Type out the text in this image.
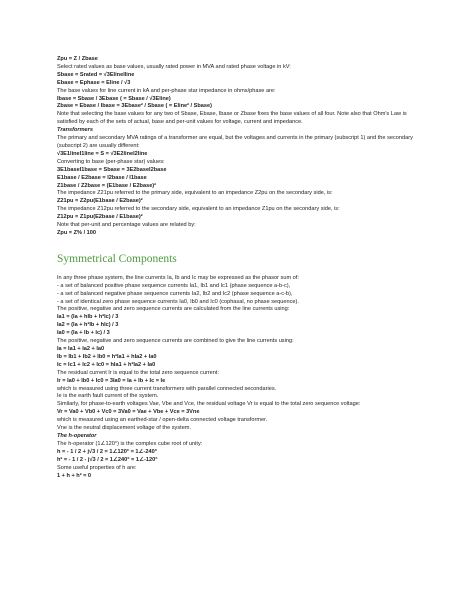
Zpu = Z / Zbase
Select rated values as base values, usually rated power in MVA and rated phase voltage in kV:
Sbase = Srated = √3ElineIline
Ebase = Ephase = Eline / √3
The base values for line current in kA and per-phase star impedance in ohms/phase are:
Ibase = Sbase / 3Ebase ( = Sbase / √3Eline)
Zbase = Ebase / Ibase = 3Ebase² / Sbase ( = Eline² / Sbase)
Note that selecting the base values for any two of Sbase, Ebase, Ibase or Zbase fixes the base values of all four. Note also that Ohm's Law is satisfied by each of the sets of actual, base and per-unit values for voltage, current and impedance.
Transformers
The primary and secondary MVA ratings of a transformer are equal, but the voltages and currents in the primary (subscript 1) and the secondary (subscript 2) are usually different:
√3E1lineI1line = S = √3E2lineI2line
Converting to base (per-phase star) values:
3E1baseI1base = Sbase = 3E2baseI2base
E1base / E2base = I2base / I1base
Z1base / Z2base = (E1base / E2base)²
The impedance Z21pu referred to the primary side, equivalent to an impedance Z2pu on the secondary side, is:
Z21pu = Z2pu(E1base / E2base)²
The impedance Z12pu referred to the secondary side, equivalent to an impedance Z1pu on the secondary side, is:
Z12pu = Z1pu(E2base / E1base)²
Note that per-unit and percentage values are related by:
Zpu = Z% / 100
Symmetrical Components
In any three phase system, the line currents Ia, Ib and Ic may be expressed as the phasor sum of:
- a set of balanced positive phase sequence currents Ia1, Ib1 and Ic1 (phase sequence a-b-c),
- a set of balanced negative phase sequence currents Ia2, Ib2 and Ic2 (phase sequence a-c-b),
- a set of identical zero phase sequence currents Ia0, Ib0 and Ic0 (cophasal, no phase sequence).
The positive, negative and zero sequence currents are calculated from the line currents using:
Ia1 = (Ia + hIb + h²Ic) / 3
Ia2 = (Ia + h²Ib + hIc) / 3
Ia0 = (Ia + Ib + Ic) / 3
The positive, negative and zero sequence currents are combined to give the line currents using:
Ia = Ia1 + Ia2 + Ia0
Ib = Ib1 + Ib2 + Ib0 = h²Ia1 + hIa2 + Ia0
Ic = Ic1 + Ic2 + Ic0 = hIa1 + h²Ia2 + Ia0
The residual current Ir is equal to the total zero sequence current:
Ir = Ia0 + Ib0 + Ic0 = 3Ia0 = Ia + Ib + Ic = Ie
which is measured using three current transformers with parallel connected secondaries.
Ie is the earth fault current of the system.
Similarly, for phase-to-earth voltages Vae, Vbe and Vce, the residual voltage Vr is equal to the total zero sequence voltage:
Vr = Va0 + Vb0 + Vc0 = 3Va0 = Vae + Vbe + Vce = 3Vne
which is measured using an earthed-star / open-delta connected voltage transformer.
Vne is the neutral displacement voltage of the system.
The h-operator
The h-operator (1∠120°) is the complex cube root of unity:
h = - 1 / 2 + j√3 / 2 = 1∠120° = 1∠-240°
h² = - 1 / 2 - j√3 / 2 = 1∠240° = 1∠-120°
Some useful properties of h are:
1 + h + h² = 0
